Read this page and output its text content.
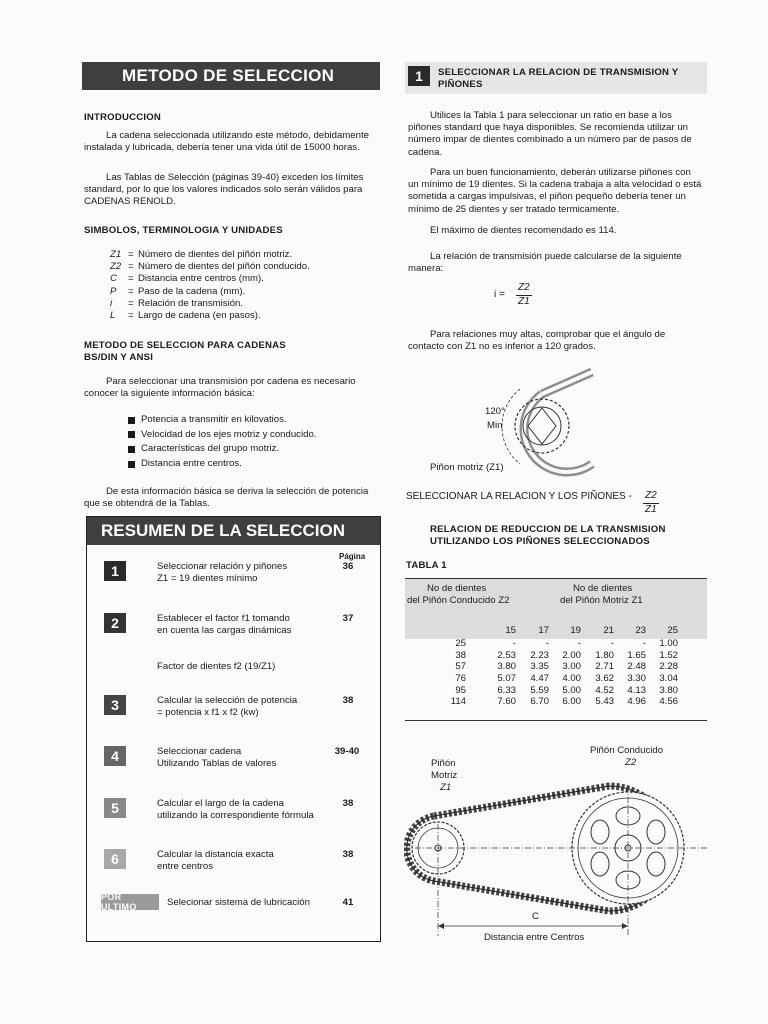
METODO DE SELECCION
INTRODUCCION

La cadena seleccionada utilizando este método, debidamente instalada y lubricada, debería tener una vida útil de 15000 horas.

Las Tablas de Selección (páginas 39-40) exceden los límites standard, por lo que los valores indicados solo serán válidos para CADENAS RENOLD.

SIMBOLOS, TERMINOLOGIA Y UNIDADES
Z1 = Número de dientes del piñón motriz.
Z2 = Número de dientes del piñón conducido.
C	= Distancia entre centros (mm).
P	= Paso de la cadena (mm).
i	= Relación de transmisión.
L	= Largo de cadena (en pasos).
METODO DE SELECCION PARA CADENAS
BS/DIN Y ANSI

Para seleccionar una transmisión por cadena es necesario conocer la siguiente información básica:

Potencia a transmitir en kilovatios.
Velocidad de los ejes motriz y conducido.
Características del grupo motriz.
Distancia entre centros.

De esta información básica se deriva la selección de potencia que se obtendrá de la Tablas.

RESUMEN DE LA SELECCION
Página
1	Seleccionar relación y piñones
Z1 = 19 dientes mínimo
36
2	Establecer el factor f1 tomando
en cuenta las cargas dinámicas
37
Factor de dientes f2 (19/Z1)
3	Calcular la selección de potencia
= potencia x f1 x f2 (kw)
38
4	Seleccionar cadena
Utilizando Tablas de valores
39-40
5	Calcular el largo de la cadena
utilizando la correspondiente fórmula
38
6	Calcular la distancia exacta
entre centros
38
POR ULTIMO	Selecionar sistema de lubricación	41
1	SELECCIONAR LA RELACION DE TRANSMISION Y
PIÑONES

Utilices la Tabla 1 para seleccionar un ratio en base a los piñones standard que haya disponibles. Se recomienda utilizar un número impar de dientes combinado a un número par de pasos de cadena.

Para un buen funcionamiento, deberán utilizarse piñones con un mínimo de 19 dientes. Si la cadena trabaja a alta velocidad o está sometida a cargas impulsivas, el piñon pequeño debería tener un mínimo de 25 dientes y ser tratado termicamente.

El máximo de dientes recomendado es 114.

La relación de transmisión puede calcularse de la siguiente manera:

i =
Z2
Z1

Para relaciones muy altas, comprobar que el ángulo de contacto con Z1 no es inferior a 120 grados.

120°
Min
Piñon motriz (Z1)
SELECCIONAR LA RELACION Y LOS PIÑONES - Z2
Z1
RELACION DE REDUCCION DE LA TRANSMISION
UTILIZANDO LOS PIÑONES SELECCIONADOS
TABLA 1
No de dientes
del Piñón Conducido Z2
No de dientes
del Piñón Motriz Z1
	15	17	19	21	23	25
25	-	-	-	-	-	1.00
38	2.53	2.23	2.00	1.80	1.65	1.52
57	3.80	3.35	3.00	2.71	2.48	2.28
76	5.07	4.47	4.00	3.62	3.30	3.04
95	6.33	5.59	5.00	4.52	4.13	3.80
114	7.60	6.70	6.00	5.43	4.96	4.56
Piñón Conducido
Z2
Piñón
Motriz
Z1
C
Distancia entre Centros
